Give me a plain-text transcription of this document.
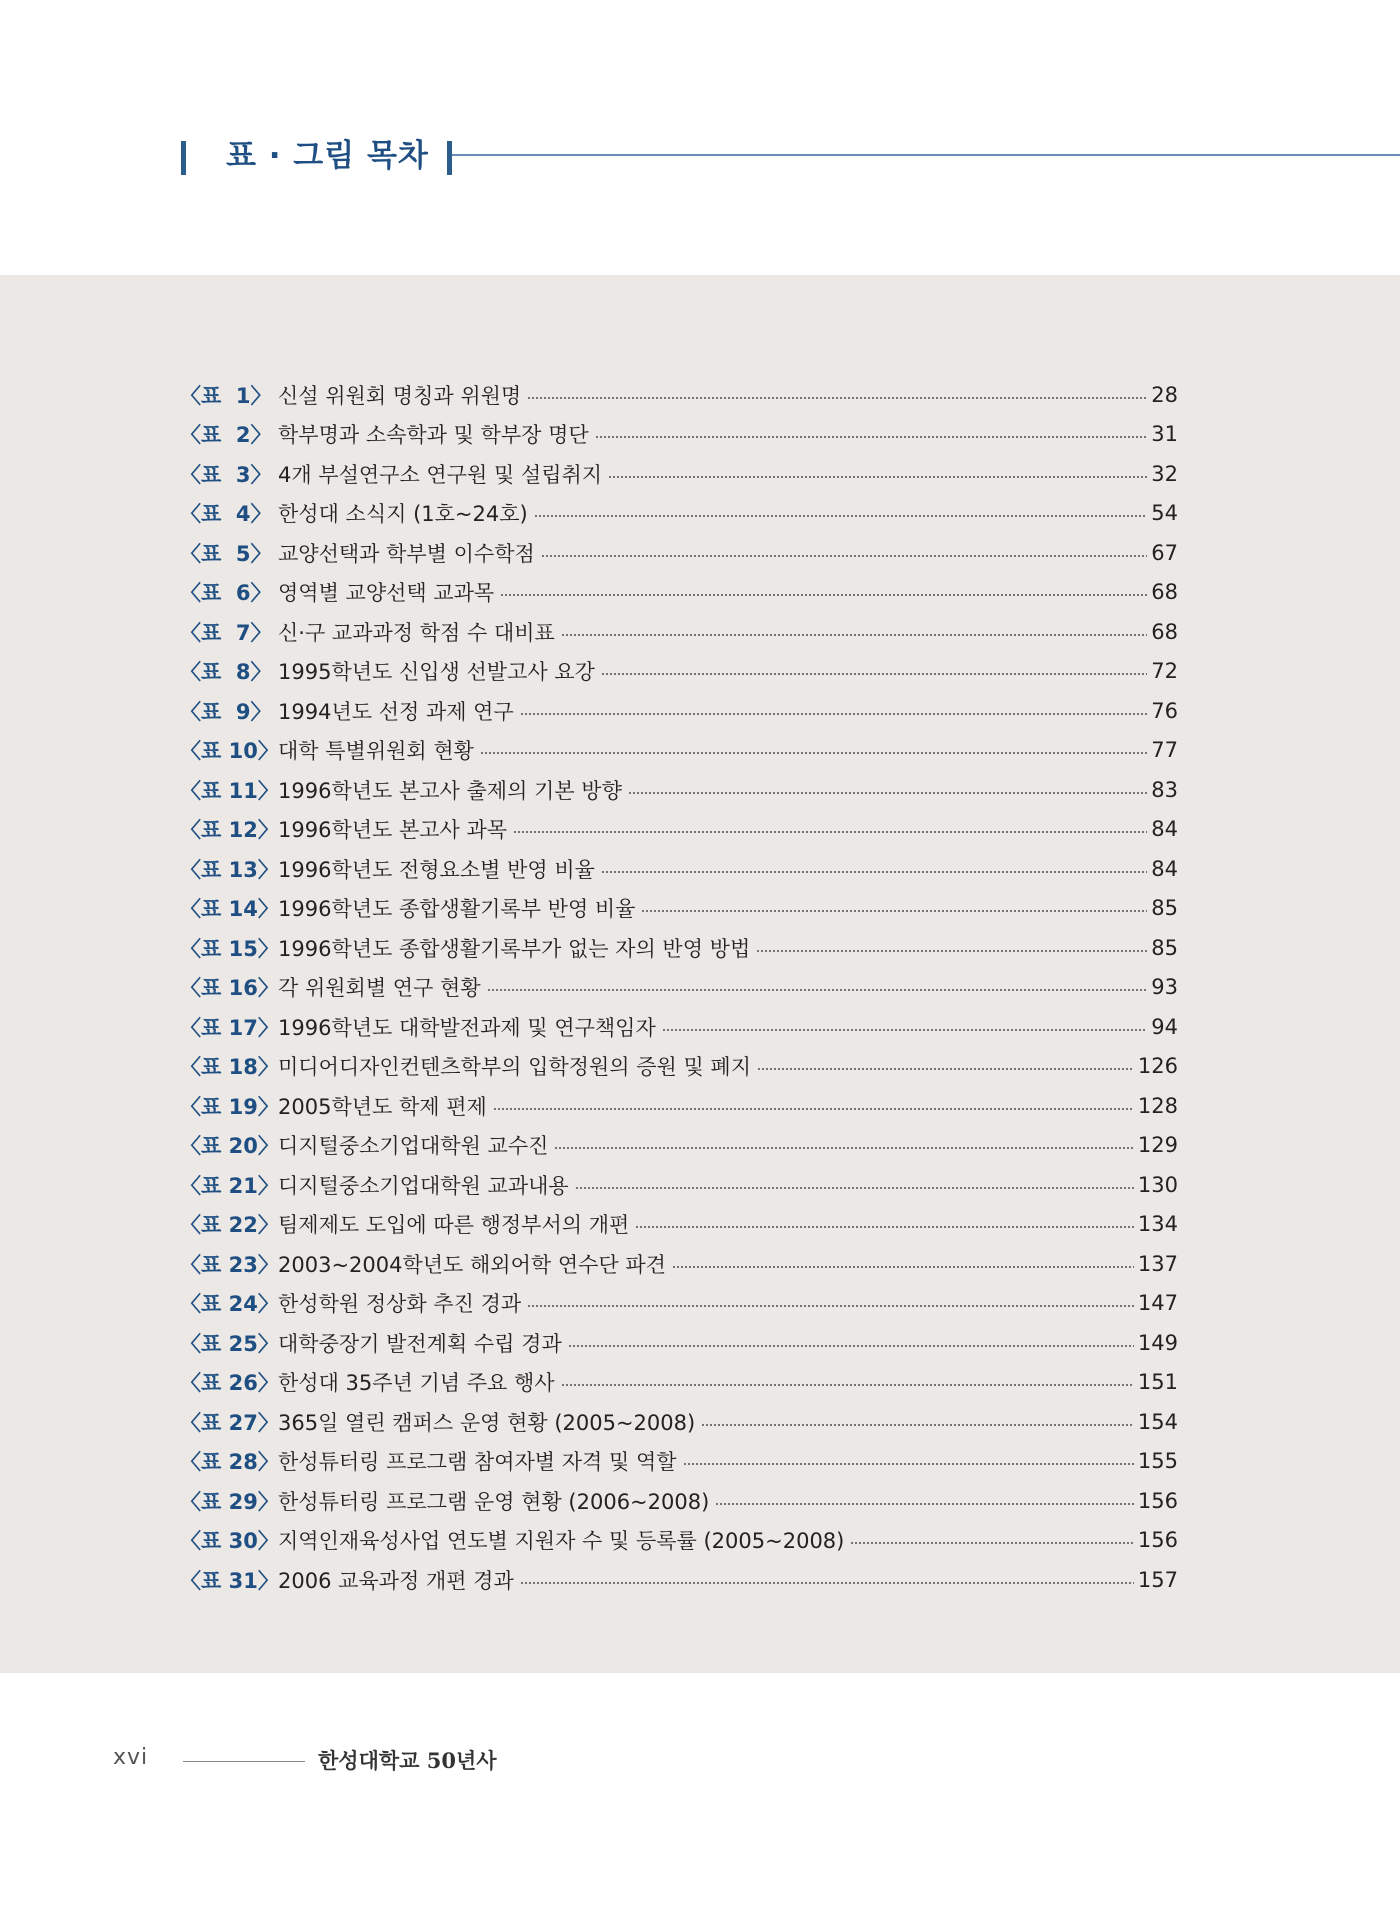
표 · 그림 목차
〈표  1〉 신설 위원회 명칭과 위원명	28
〈표  2〉 학부명과 소속학과 및 학부장 명단	31
〈표  3〉 4개 부설연구소 연구원 및 설립취지	32
〈표  4〉 한성대 소식지 (1호~24호)	54
〈표  5〉 교양선택과 학부별 이수학점	67
〈표  6〉 영역별 교양선택 교과목	68
〈표  7〉 신·구 교과과정 학점 수 대비표	68
〈표  8〉 1995학년도 신입생 선발고사 요강	72
〈표  9〉 1994년도 선정 과제 연구	76
〈표 10〉 대학 특별위원회 현황	77
〈표 11〉 1996학년도 본고사 출제의 기본 방향	83
〈표 12〉 1996학년도 본고사 과목	84
〈표 13〉 1996학년도 전형요소별 반영 비율	84
〈표 14〉 1996학년도 종합생활기록부 반영 비율	85
〈표 15〉 1996학년도 종합생활기록부가 없는 자의 반영 방법	85
〈표 16〉 각 위원회별 연구 현황	93
〈표 17〉 1996학년도 대학발전과제 및 연구책임자	94
〈표 18〉 미디어디자인컨텐츠학부의 입학정원의 증원 및 폐지	126
〈표 19〉 2005학년도 학제 편제	128
〈표 20〉 디지털중소기업대학원 교수진	129
〈표 21〉 디지털중소기업대학원 교과내용	130
〈표 22〉 팀제제도 도입에 따른 행정부서의 개편	134
〈표 23〉 2003~2004학년도 해외어학 연수단 파견	137
〈표 24〉 한성학원 정상화 추진 경과	147
〈표 25〉 대학중장기 발전계획 수립 경과	149
〈표 26〉 한성대 35주년 기념 주요 행사	151
〈표 27〉 365일 열린 캠퍼스 운영 현황 (2005~2008)	154
〈표 28〉 한성튜터링 프로그램 참여자별 자격 및 역할	155
〈표 29〉 한성튜터링 프로그램 운영 현황 (2006~2008)	156
〈표 30〉 지역인재육성사업 연도별 지원자 수 및 등록률 (2005~2008)	156
〈표 31〉 2006 교육과정 개편 경과	157
xvi	한성대학교 50년사
